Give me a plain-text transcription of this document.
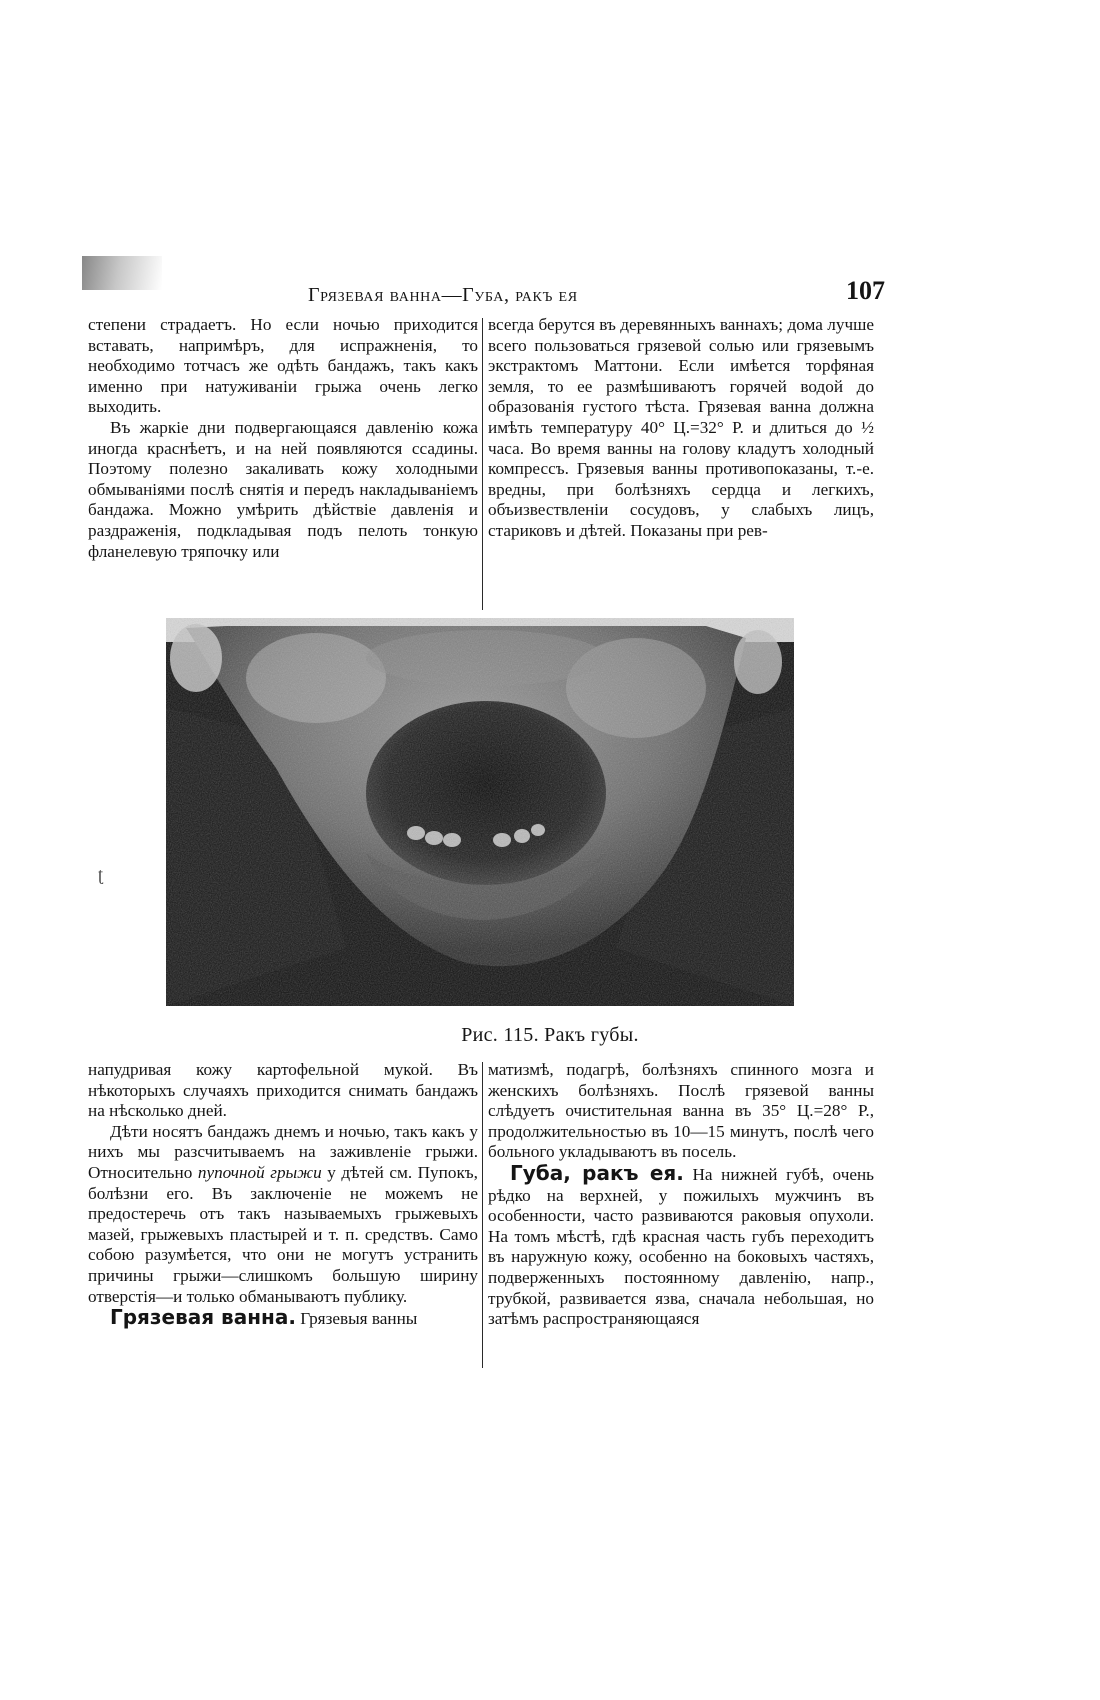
Грязевая ванна—Губа, ракъ ея	107

степени страдаетъ. Но если ночью приходится вставать, напримѣръ, для испражненія, то необходимо тотчасъ же одѣть бандажъ, такъ какъ именно при натуживаніи грыжа очень легко выходить.

Въ жаркіе дни подвергающаяся давленію кожа иногда краснѣетъ, и на ней появляются ссадины. Поэтому полезно закаливать кожу холодными обмываніями послѣ снятія и передъ накладываніемъ бандажа. Можно умѣрить дѣйствіе давленія и раздраженія, подкладывая подъ пелоть тонкую фланелевую тряпочку или

всегда берутся въ деревянныхъ ваннахъ; дома лучше всего пользоваться грязевой солью или грязевымъ экстрактомъ Маттони. Если имѣется торфяная земля, то ее размѣшиваютъ горячей водой до образованія густого тѣста. Грязевая ванна должна имѣть температуру 40° Ц.=32° Р. и длиться до ½ часа. Во время ванны на голову кладутъ холодный компрессъ. Грязевыя ванны противопоказаны, т.-е. вредны, при болѣзняхъ сердца и легкихъ, объизвествленіи сосудовъ, у слабыхъ лицъ, стариковъ и дѣтей. Показаны при рев-

Рис. 115. Ракъ губы.
ʈ

напудривая кожу картофельной мукой. Въ нѣкоторыхъ случаяхъ приходится снимать бандажъ на нѣсколько дней.

Дѣти носятъ бандажъ днемъ и ночью, такъ какъ у нихъ мы разсчитываемъ на заживленіе грыжи. Относительно пупочной грыжи у дѣтей см. Пупокъ, болѣзни его. Въ заключеніе не можемъ не предостеречь отъ такъ называемыхъ грыжевыхъ мазей, грыжевыхъ пластырей и т. п. средствъ. Само собою разумѣется, что они не могутъ устранить причины грыжи—слишкомъ большую ширину отверстія—и только обманываютъ публику.

Грязевая ванна. Грязевыя ванны

матизмѣ, подагрѣ, болѣзняхъ спинного мозга и женскихъ болѣзняхъ. Послѣ грязевой ванны слѣдуетъ очистительная ванна въ 35° Ц.=28° Р., продолжительностью въ 10—15 минутъ, послѣ чего больного укладываютъ въ посель.

Губа, ракъ ея. На нижней губѣ, очень рѣдко на верхней, у пожилыхъ мужчинъ въ особенности, часто развиваются раковыя опухоли. На томъ мѣстѣ, гдѣ красная часть губъ переходитъ въ наружную кожу, особенно на боковыхъ частяхъ, подверженныхъ постоянному давленію, напр., трубкой, развивается язва, сначала небольшая, но затѣмъ распространяющаяся
